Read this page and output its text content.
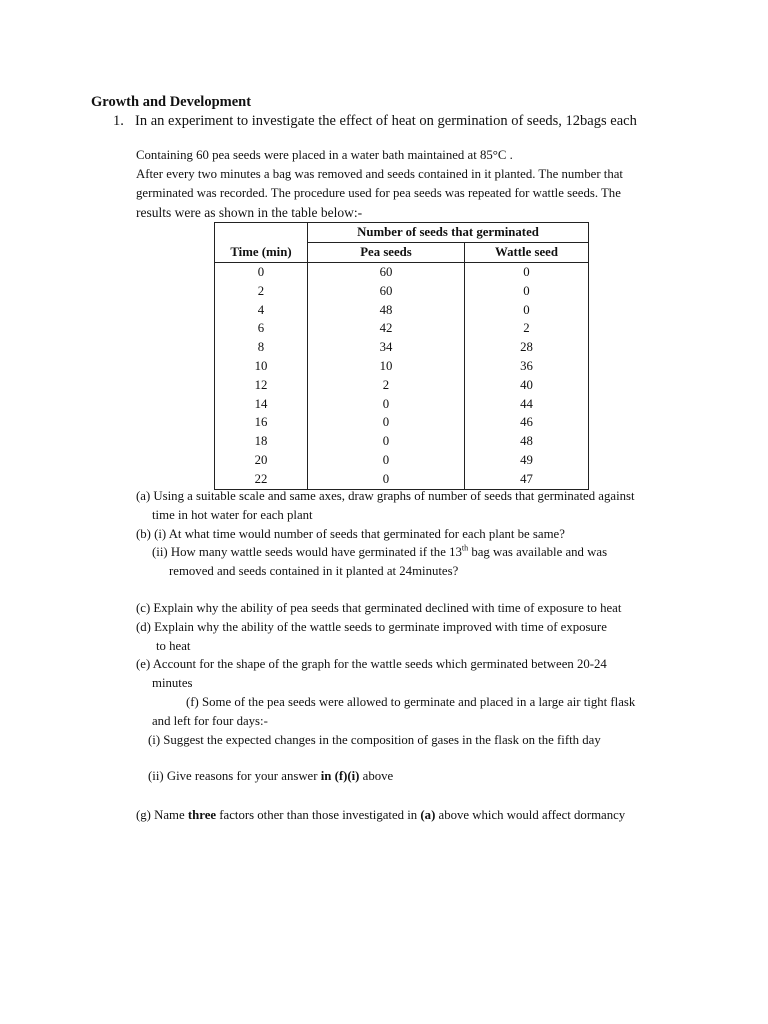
Growth and Development
1. In an experiment to investigate the effect of heat on germination of seeds, 12bags each
Containing 60 pea seeds were placed in a water bath maintained at 85°C .
After every two minutes a bag was removed and seeds contained in it planted. The number that
germinated was recorded. The procedure used for pea seeds was repeated for wattle seeds. The
results were as shown in the table below:-
	Number of seeds that germinated	
Time (min)	Pea seeds	Wattle seed
0	60	0
2	60	0
4	48	0
6	42	2
8	34	28
10	10	36
12	2	40
14	0	44
16	0	46
18	0	48
20	0	49
22	0	47
(a) Using a suitable scale and same axes, draw graphs of number of seeds that germinated against
time in hot water for each plant
(b) (i) At what time would number of seeds that germinated for each plant be same?
(ii) How many wattle seeds would have germinated if the 13th bag was available and was
removed and seeds contained in it planted at 24minutes?
(c) Explain why the ability of pea seeds that germinated declined with time of exposure to heat
(d) Explain why the ability of the wattle seeds to germinate improved with time of exposure
to heat
(e) Account for the shape of the graph for the wattle seeds which germinated between 20-24
minutes
(f) Some of the pea seeds were allowed to germinate and placed in a large air tight flask
and left for four days:-
(i) Suggest the expected changes in the composition of gases in the flask on the fifth day
(ii) Give reasons for your answer in (f)(i) above
(g) Name three factors other than those investigated in (a) above which would affect dormancy
